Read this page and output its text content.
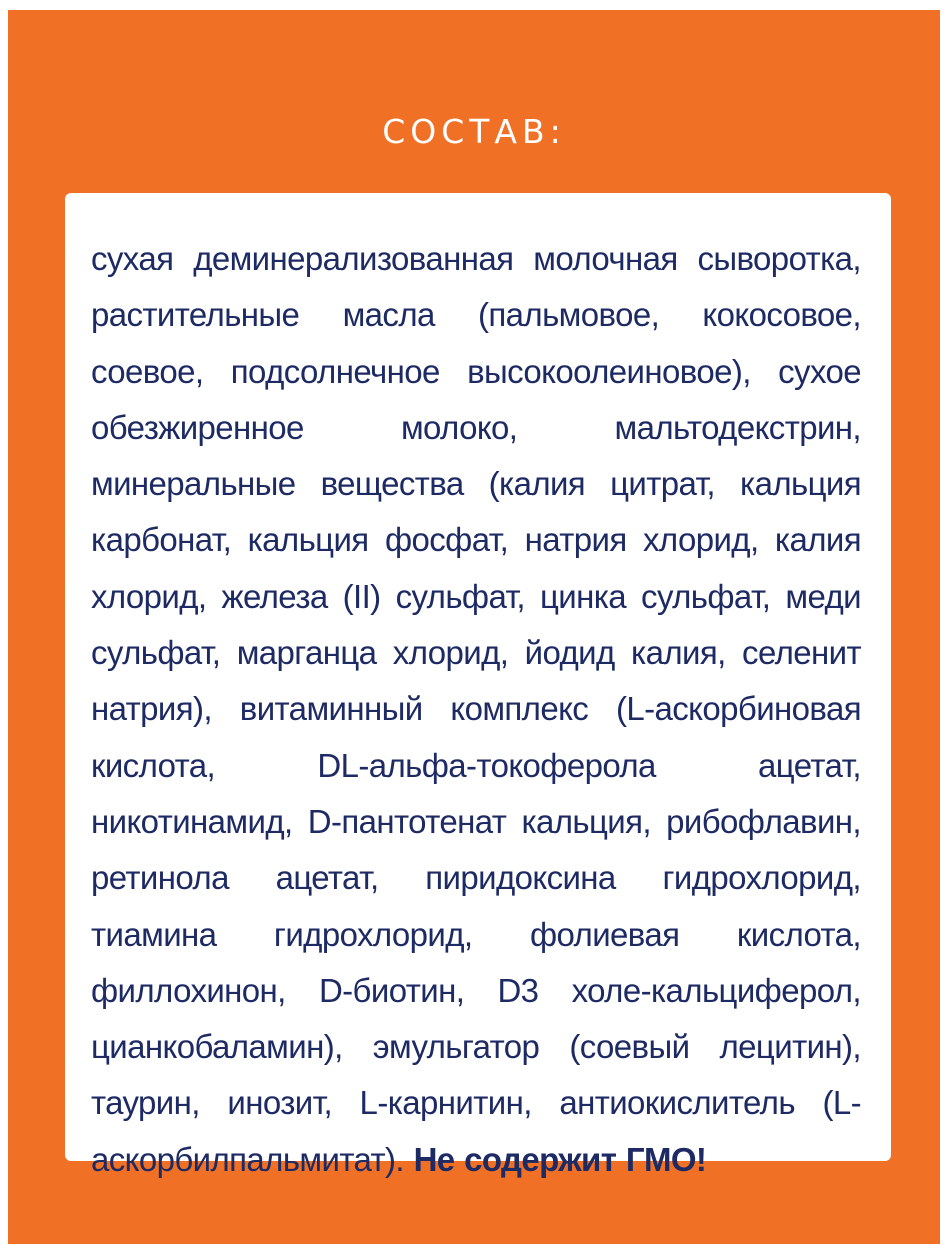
СОСТАВ:

сухая деминерализованная молочная сыворотка, растительные масла (пальмовое, кокосовое, соевое, подсолнечное высокоолеиновое), сухое обезжиренное молоко, мальтодекстрин, минеральные вещества (калия цитрат, кальция карбонат, кальция фосфат, натрия хлорид, калия хлорид, железа (II) сульфат, цинка сульфат, меди сульфат, марганца хлорид, йодид калия, селенит натрия), витаминный комплекс (L-аскорбиновая кислота, DL-альфа-токоферола ацетат, никотинамид, D-пантотенат кальция, рибофлавин, ретинола ацетат, пиридоксина гидрохлорид, тиамина гидрохлорид, фолиевая кислота, филлохинон, D-биотин, D3 холе-кальциферол, цианкобаламин), эмульгатор (соевый лецитин), таурин, инозит, L-карнитин, антиокислитель (L-аскорбилпальмитат). Не содержит ГМО!
